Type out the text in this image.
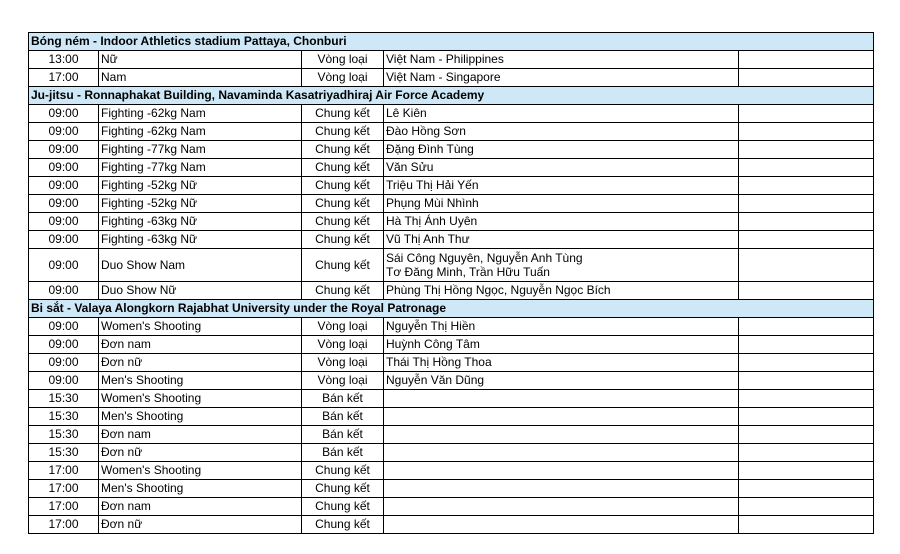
Bóng ném - Indoor Athletics stadium Pattaya, Chonburi				
13:00	Nữ	Vòng loại	Việt Nam - Philippines	

17:00	Nam	Vòng loại	Việt Nam - Singapore	

Ju-jitsu - Ronnaphakat Building, Navaminda Kasatriyadhiraj Air Force Academy				
09:00	Fighting -62kg Nam	Chung kết	Lê Kiên	

09:00	Fighting -62kg Nam	Chung kết	Đào Hồng Sơn	

09:00	Fighting -77kg Nam	Chung kết	Đặng Đình Tùng	

09:00	Fighting -77kg Nam	Chung kết	Văn Sửu	

09:00	Fighting -52kg Nữ	Chung kết	Triệu Thị Hải Yến	

09:00	Fighting -52kg Nữ	Chung kết	Phụng Mùi Nhình	

09:00	Fighting -63kg Nữ	Chung kết	Hà Thị Ánh Uyên	

09:00	Fighting -63kg Nữ	Chung kết	Vũ Thị Anh Thư	

09:00	Duo Show Nam	Chung kết	Sái Công Nguyên, Nguyễn Anh Tùng
Tơ Đăng Minh, Trần Hữu Tuấn	

09:00	Duo Show Nữ	Chung kết	Phùng Thị Hồng Ngọc, Nguyễn Ngọc Bích	

Bi sắt - Valaya Alongkorn Rajabhat University under the Royal Patronage				
09:00	Women's Shooting	Vòng loại	Nguyễn Thị Hiền	

09:00	Đơn nam	Vòng loại	Huỳnh Công Tâm	

09:00	Đơn nữ	Vòng loại	Thái Thị Hồng Thoa	

09:00	Men's Shooting	Vòng loại	Nguyễn Văn Dũng	

15:30	Women's Shooting	Bán kết		
15:30	Men's Shooting	Bán kết		
15:30	Đơn nam	Bán kết		
15:30	Đơn nữ	Bán kết		
17:00	Women's Shooting	Chung kết		
17:00	Men's Shooting	Chung kết		
17:00	Đơn nam	Chung kết		
17:00	Đơn nữ	Chung kết		
